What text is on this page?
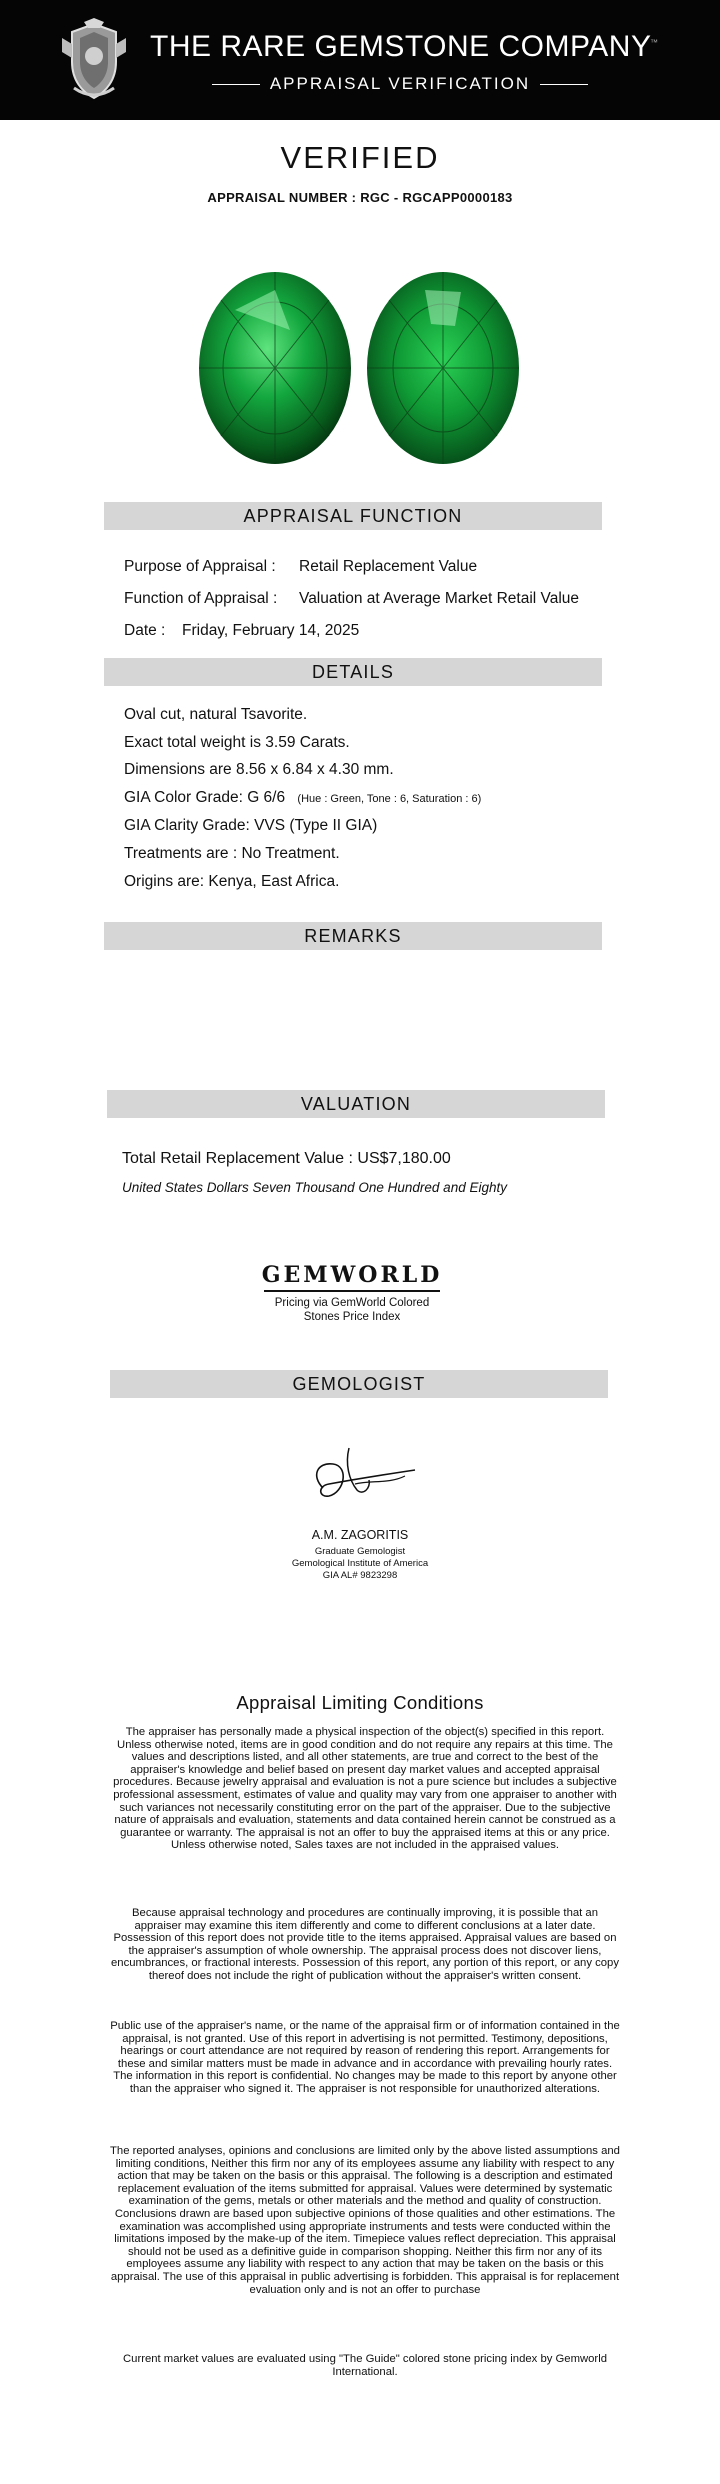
THE RARE GEMSTONE COMPANY
™
APPRAISAL VERIFICATION
VERIFIED
APPRAISAL NUMBER : RGC - RGCAPP0000183
APPRAISAL FUNCTION
Purpose of Appraisal : Retail Replacement Value
Function of Appraisal : Valuation at Average Market Retail Value
Date : Friday, February 14, 2025
DETAILS
Oval cut, natural Tsavorite.
Exact total weight is 3.59 Carats.
Dimensions are 8.56 x 6.84 x 4.30 mm.
GIA Color Grade: G 6/6 (Hue : Green, Tone : 6, Saturation : 6)
GIA Clarity Grade: VVS (Type II GIA)
Treatments are : No Treatment.
Origins are: Kenya, East Africa.
REMARKS
VALUATION
Total Retail Replacement Value : US$7,180.00
United States Dollars Seven Thousand One Hundred and Eighty
GEMWORLD
Pricing via GemWorld Colored
Stones Price Index
GEMOLOGIST
A.M. ZAGORITIS
Graduate Gemologist
Gemological Institute of America
GIA AL# 9823298
Appraisal Limiting Conditions
The appraiser has personally made a physical inspection of the object(s) specified in this report. Unless otherwise noted, items are in good condition and do not require any repairs at this time. The values and descriptions listed, and all other statements, are true and correct to the best of the appraiser's knowledge and belief based on present day market values and accepted appraisal procedures. Because jewelry appraisal and evaluation is not a pure science but includes a subjective professional assessment, estimates of value and quality may vary from one appraiser to another with such variances not necessarily constituting error on the part of the appraiser. Due to the subjective nature of appraisals and evaluation, statements and data contained herein cannot be construed as a guarantee or warranty. The appraisal is not an offer to buy the appraised items at this or any price. Unless otherwise noted, Sales taxes are not included in the appraised values.
Because appraisal technology and procedures are continually improving, it is possible that an appraiser may examine this item differently and come to different conclusions at a later date. Possession of this report does not provide title to the items appraised. Appraisal values are based on the appraiser's assumption of whole ownership. The appraisal process does not discover liens, encumbrances, or fractional interests. Possession of this report, any portion of this report, or any copy thereof does not include the right of publication without the appraiser's written consent.
Public use of the appraiser's name, or the name of the appraisal firm or of information contained in the appraisal, is not granted. Use of this report in advertising is not permitted. Testimony, depositions, hearings or court attendance are not required by reason of rendering this report. Arrangements for these and similar matters must be made in advance and in accordance with prevailing hourly rates. The information in this report is confidential. No changes may be made to this report by anyone other than the appraiser who signed it. The appraiser is not responsible for unauthorized alterations.
The reported analyses, opinions and conclusions are limited only by the above listed assumptions and limiting conditions, Neither this firm nor any of its employees assume any liability with respect to any action that may be taken on the basis or this appraisal. The following is a description and estimated replacement evaluation of the items submitted for appraisal. Values were determined by systematic examination of the gems, metals or other materials and the method and quality of construction. Conclusions drawn are based upon subjective opinions of those qualities and other estimations. The examination was accomplished using appropriate instruments and tests were conducted within the limitations imposed by the make-up of the item. Timepiece values reflect depreciation. This appraisal should not be used as a definitive guide in comparison shopping. Neither this firm nor any of its employees assume any liability with respect to any action that may be taken on the basis or this appraisal. The use of this appraisal in public advertising is forbidden. This appraisal is for replacement evaluation only and is not an offer to purchase
Current market values are evaluated using "The Guide" colored stone pricing index by Gemworld International.
